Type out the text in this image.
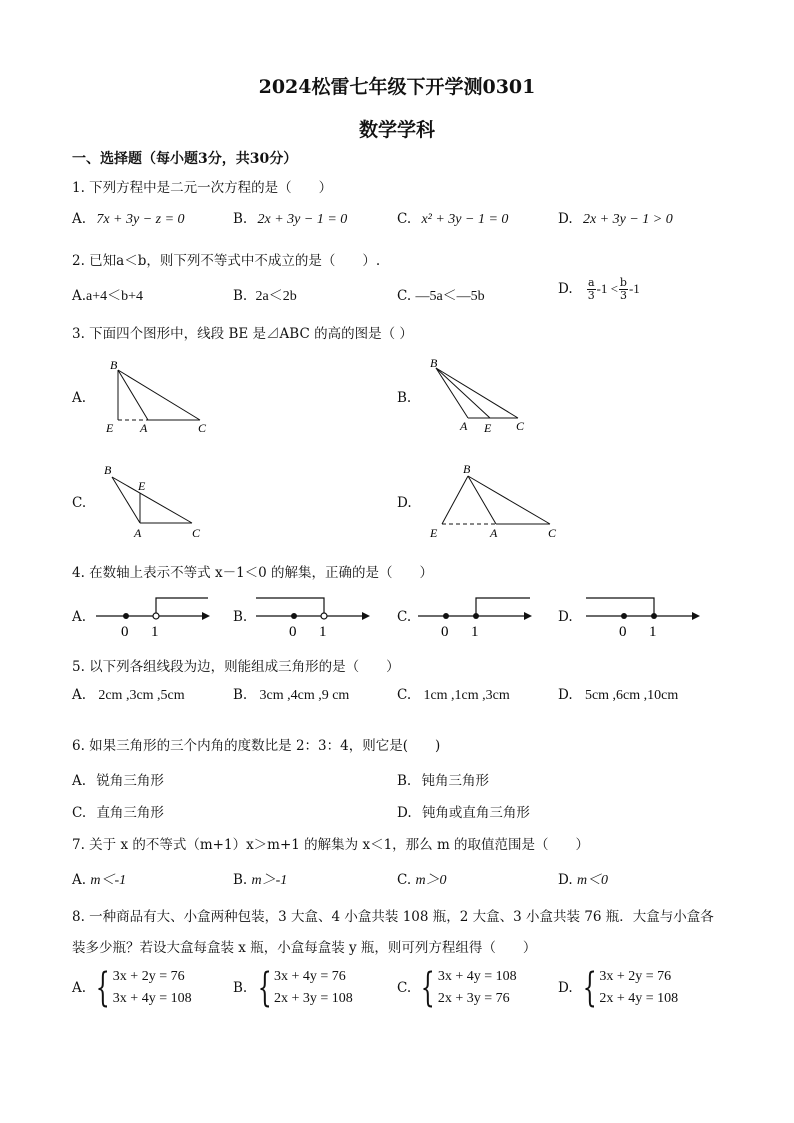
2024松雷七年级下开学测0301
数学学科
一、选择题（每小题3分，共30分）
1. 下列方程中是二元一次方程的是（　　）
A. 7x + 3y − z = 0	B. 2x + 3y − 1 = 0	C. x² + 3y − 1 = 0	D. 2x + 3y − 1 > 0
2. 已知a＜b，则下列不等式中不成立的是（　　）.
A.a+4＜b+4	B. 2a＜2b	C. —5a＜—5b	D. $\frac{a}{3} -1 < \frac{b}{3} -1$
3. 下面四个图形中，线段 BE 是⊿ABC 的高的图是（ ）
A.
B
E A	C
B.
B
A E C
C.
B
E
A	C
D.
B
E	A	C
4. 在数轴上表示不等式 x－1＜0 的解集，正确的是（　　）
A.
0 1
B.
0 1
C.
0 1
D.
0 1
5. 以下列各组线段为边，则能组成三角形的是（　　）
A. 2cm ,3cm ,5cm	B. 3cm ,4cm ,9 cm	C. 1cm ,1cm ,3cm	D. 5cm ,6cm ,10cm
6. 如果三角形的三个内角的度数比是 2：3：4，则它是(　　)
A. 锐角三角形	B. 钝角三角形
C. 直角三角形	D. 钝角或直角三角形
7. 关于 x 的不等式（m+1）x＞m+1 的解集为 x＜1，那么 m 的取值范围是（　　）
A. m＜-1	B. m＞-1	C. m＞0	D. m＜0
8. 一种商品有大、小盒两种包装，3 大盒、4 小盒共装 108 瓶，2 大盒、3 小盒共装 76 瓶．大盒与小盒各
装多少瓶？若设大盒每盒装 x 瓶，小盒每盒装 y 瓶，则可列方程组得（　　）
A. { 3x + 2y = 76
3x + 4y = 108
B. { 3x + 4y = 76
2x + 3y = 108
C. { 3x + 4y = 108
2x + 3y = 76
D. { 3x + 2y = 76
2x + 4y = 108
